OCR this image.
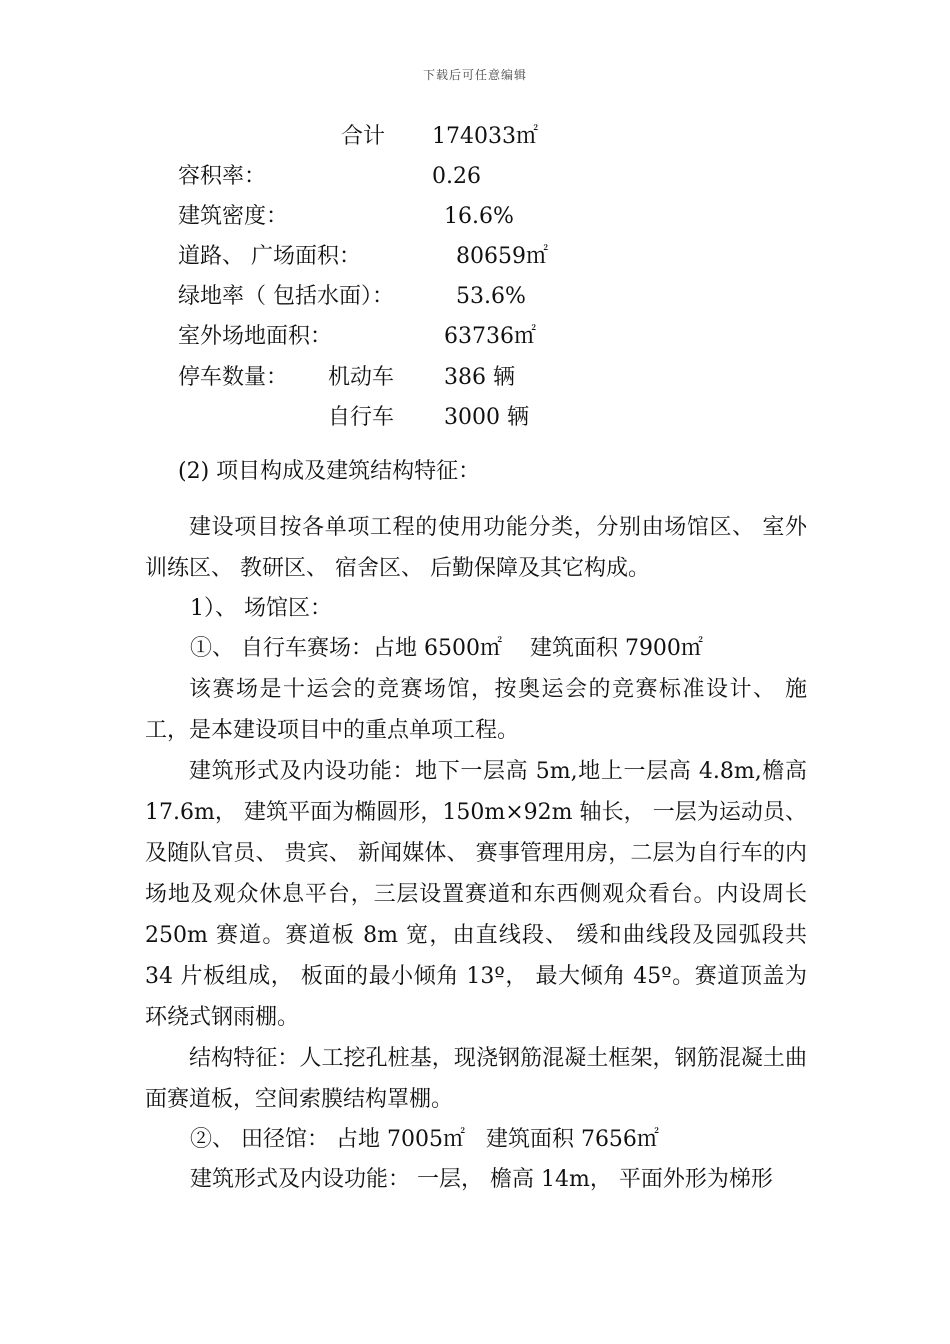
下载后可任意编辑
合计 174033㎡
容积率：	0.26
建筑密度：	16.6%
道路、 广场面积：	80659㎡
绿地率（ 包括水面）：	53.6%
室外场地面积：	63736㎡
停车数量： 机动车 386 辆
自行车 3000 辆
(2) 项目构成及建筑结构特征：

建设项目按各单项工程的使用功能分类，分别由场馆区、 室外训练区、 教研区、 宿舍区、 后勤保障及其它构成。

1）、 场馆区：
①、 自行车赛场：占地 6500㎡    建筑面积 7900㎡

该赛场是十运会的竞赛场馆，按奥运会的竞赛标准设计、 施工，是本建设项目中的重点单项工程。

建筑形式及内设功能：地下一层高 5m,地上一层高 4.8m,檐高 17.6m， 建筑平面为椭圆形，150m×92m 轴长， 一层为运动员、及随队官员、 贵宾、 新闻媒体、 赛事管理用房，二层为自行车的内场地及观众休息平台，三层设置赛道和东西侧观众看台。内设周长 250m 赛道。赛道板 8m 宽，由直线段、 缓和曲线段及园弧段共 34 片板组成， 板面的最小倾角 13º， 最大倾角 45º。赛道顶盖为环绕式钢雨棚。

结构特征：人工挖孔桩基，现浇钢筋混凝土框架，钢筋混凝土曲面赛道板，空间索膜结构罩棚。

②、 田径馆： 占地 7005㎡   建筑面积 7656㎡
建筑形式及内设功能： 一层， 檐高 14m， 平面外形为梯形
